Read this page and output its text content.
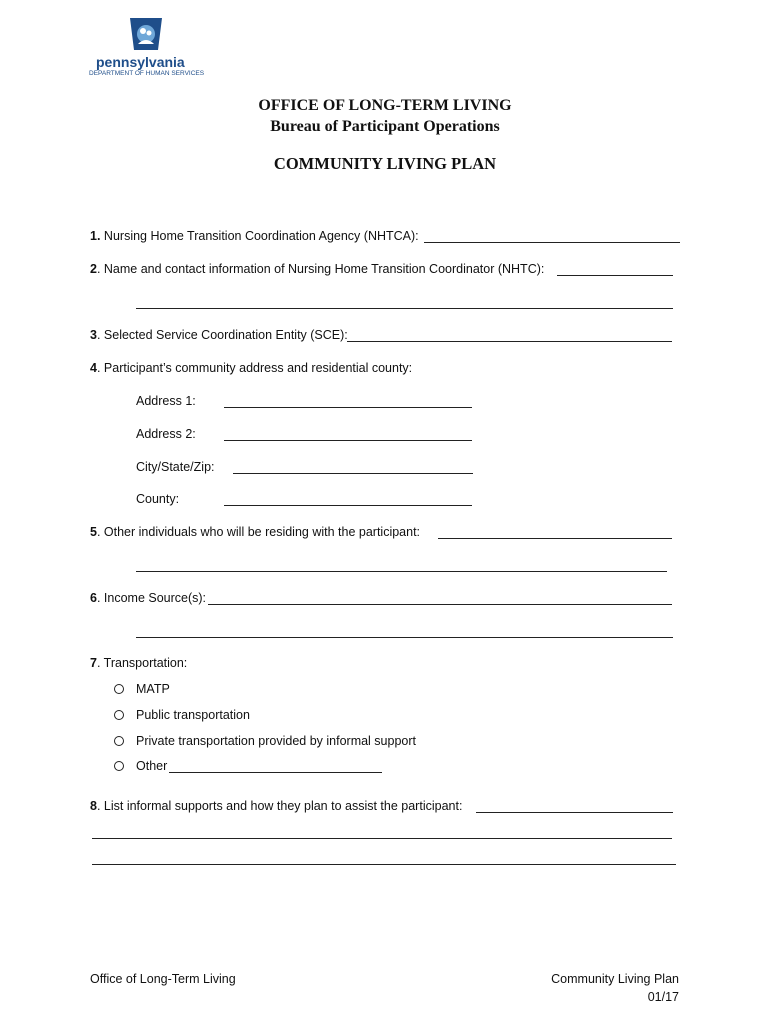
pennsylvania
DEPARTMENT OF HUMAN SERVICES
OFFICE OF LONG-TERM LIVING
Bureau of Participant Operations
COMMUNITY LIVING PLAN
1. Nursing Home Transition Coordination Agency (NHTCA):
2. Name and contact information of Nursing Home Transition Coordinator (NHTC):
3. Selected Service Coordination Entity (SCE):
4. Participant’s community address and residential county:
Address 1:
Address 2:
City/State/Zip:
County:
5. Other individuals who will be residing with the participant:
6. Income Source(s):
7. Transportation:
MATP
Public transportation
Private transportation provided by informal support
Other
8. List informal supports and how they plan to assist the participant:
Office of Long-Term Living	Community Living Plan
01/17
